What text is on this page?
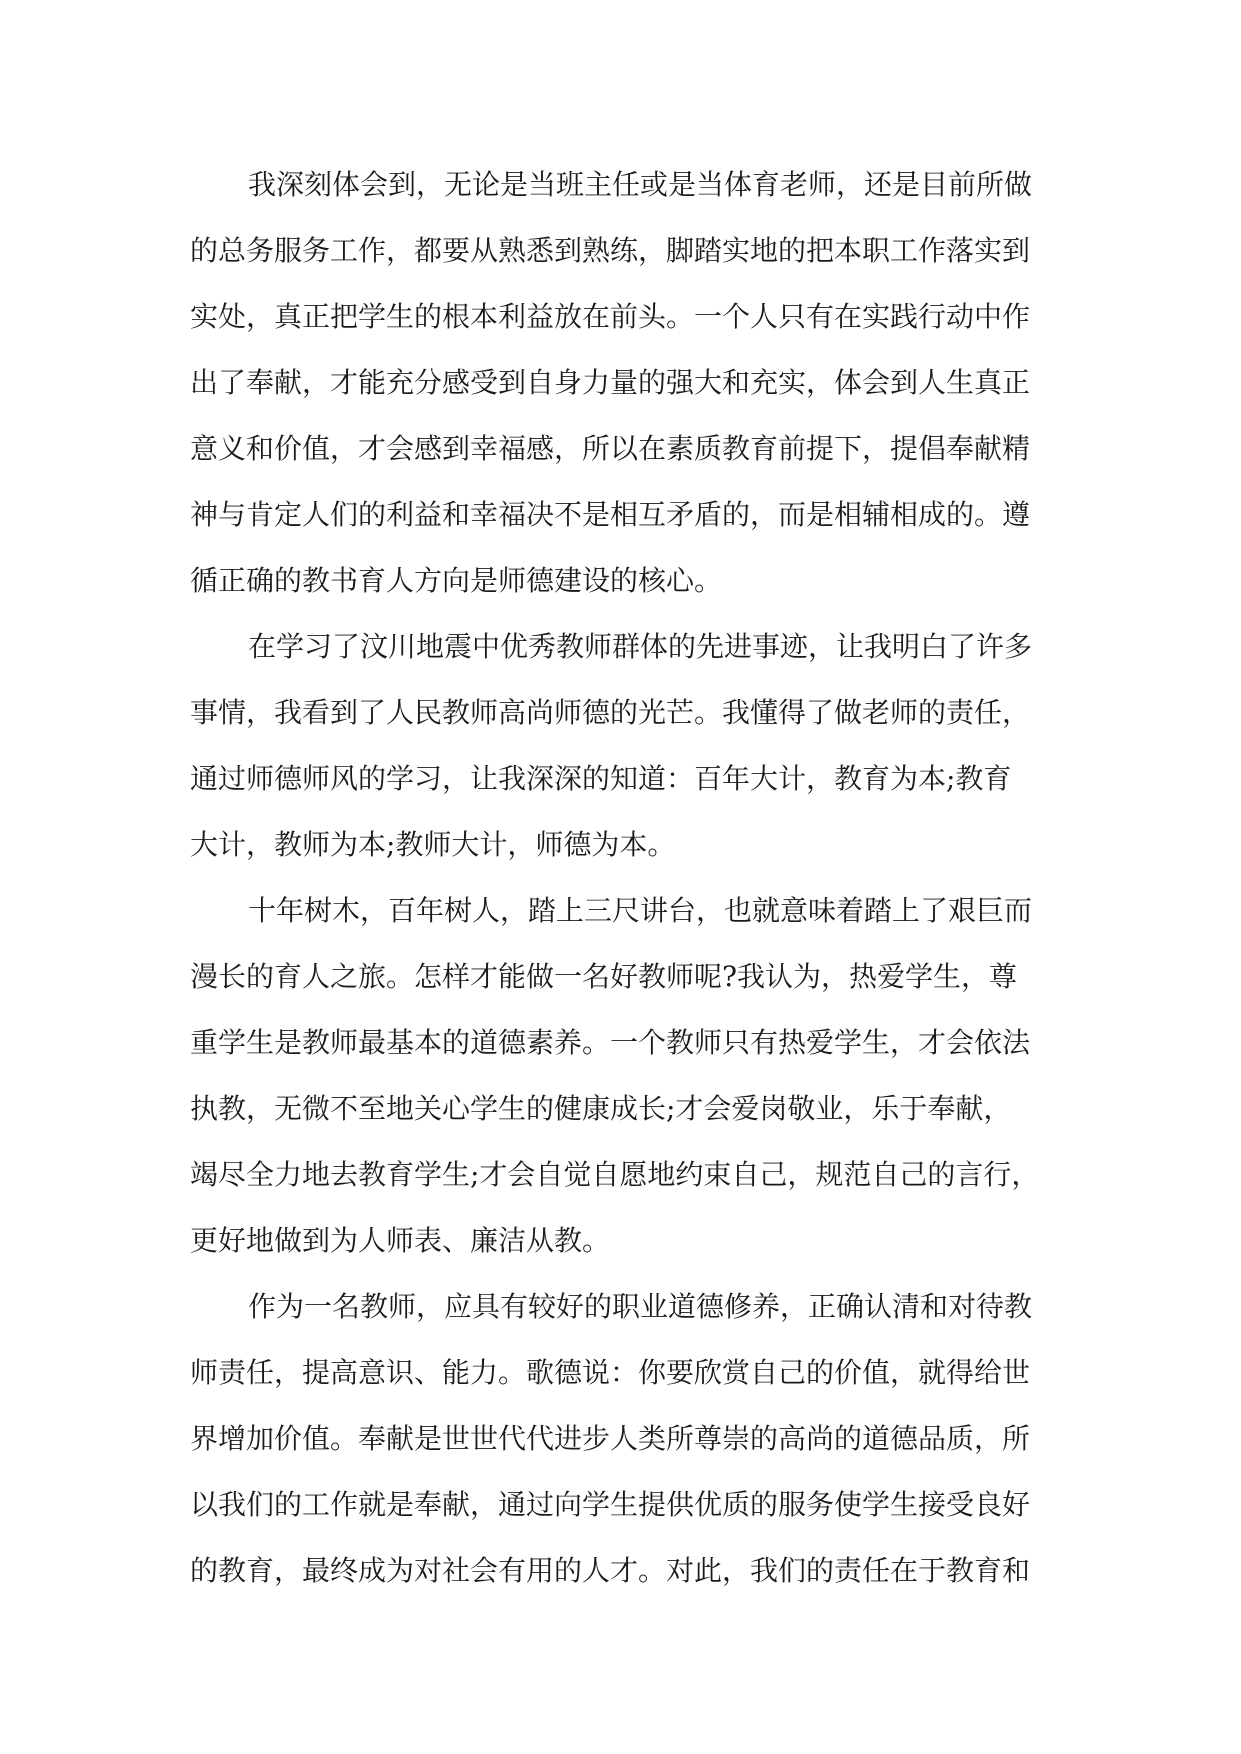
我深刻体会到，无论是当班主任或是当体育老师，还是目前所做
的总务服务工作，都要从熟悉到熟练，脚踏实地的把本职工作落实到
实处，真正把学生的根本利益放在前头。一个人只有在实践行动中作
出了奉献，才能充分感受到自身力量的强大和充实，体会到人生真正
意义和价值，才会感到幸福感，所以在素质教育前提下，提倡奉献精
神与肯定人们的利益和幸福决不是相互矛盾的，而是相辅相成的。遵
循正确的教书育人方向是师德建设的核心。
在学习了汶川地震中优秀教师群体的先进事迹，让我明白了许多
事情，我看到了人民教师高尚师德的光芒。我懂得了做老师的责任，
通过师德师风的学习，让我深深的知道：百年大计，教育为本;教育
大计，教师为本;教师大计，师德为本。
十年树木，百年树人，踏上三尺讲台，也就意味着踏上了艰巨而
漫长的育人之旅。怎样才能做一名好教师呢?我认为，热爱学生，尊
重学生是教师最基本的道德素养。一个教师只有热爱学生，才会依法
执教，无微不至地关心学生的健康成长;才会爱岗敬业，乐于奉献，
竭尽全力地去教育学生;才会自觉自愿地约束自己，规范自己的言行，
更好地做到为人师表、廉洁从教。
作为一名教师，应具有较好的职业道德修养，正确认清和对待教
师责任，提高意识、能力。歌德说：你要欣赏自己的价值，就得给世
界增加价值。奉献是世世代代进步人类所尊崇的高尚的道德品质，所
以我们的工作就是奉献，通过向学生提供优质的服务使学生接受良好
的教育，最终成为对社会有用的人才。对此，我们的责任在于教育和
